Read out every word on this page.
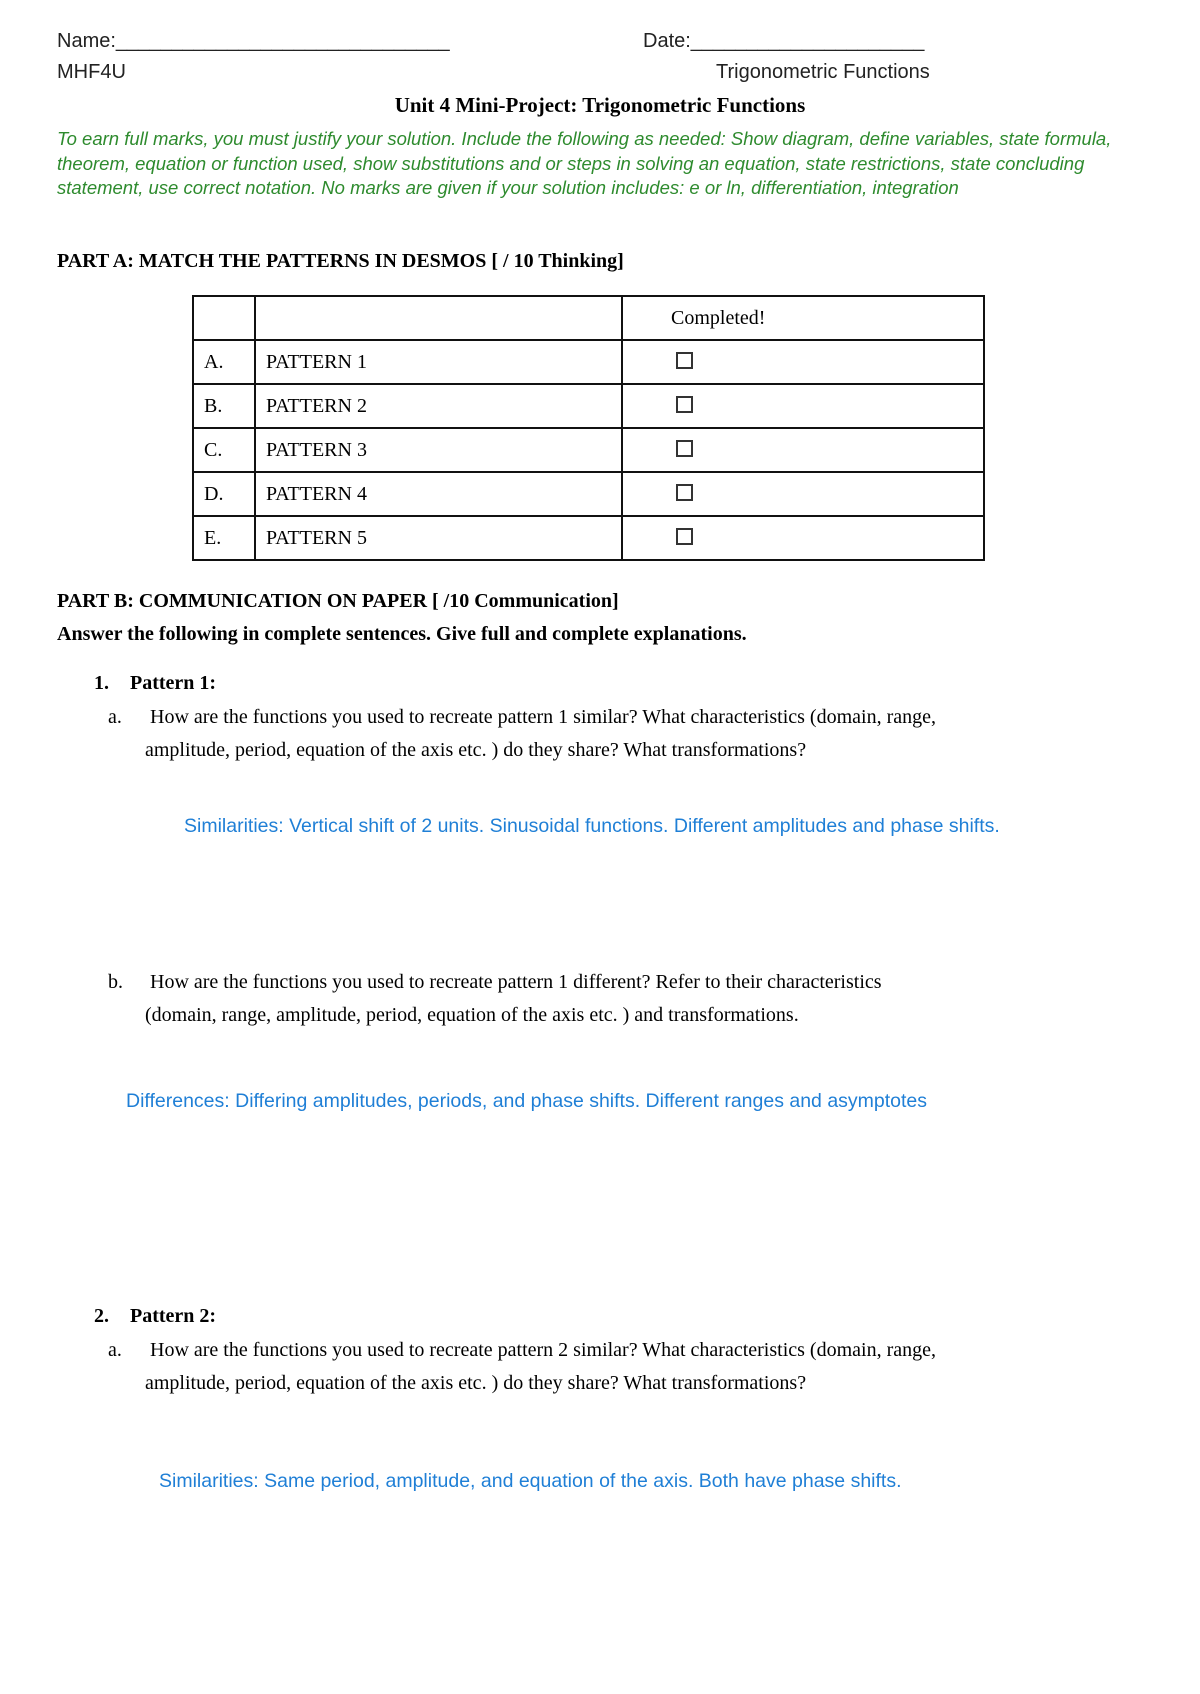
Name:______________________________	Date:_____________________
MHF4U	Trigonometric Functions
Unit 4 Mini-Project: Trigonometric Functions
To earn full marks, you must justify your solution. Include the following as needed: Show diagram, define variables, state formula, theorem, equation or function used, show substitutions and or steps in solving an equation, state restrictions, state concluding statement, use correct notation. No marks are given if your solution includes: e or ln, differentiation, integration
PART A: MATCH THE PATTERNS IN DESMOS [ / 10 Thinking]
		Completed!
A.	PATTERN 1	
B.	PATTERN 2	
C.	PATTERN 3	
D.	PATTERN 4	
E.	PATTERN 5	
PART B: COMMUNICATION ON PAPER [ /10 Communication]
Answer the following in complete sentences. Give full and complete explanations.
1. Pattern 1:
a. How are the functions you used to recreate pattern 1 similar? What characteristics (domain, range,
amplitude, period, equation of the axis etc. ) do they share? What transformations?
Similarities: Vertical shift of 2 units. Sinusoidal functions. Different amplitudes and phase shifts.
b. How are the functions you used to recreate pattern 1 different? Refer to their characteristics
(domain, range, amplitude, period, equation of the axis etc. ) and transformations.
Differences: Differing amplitudes, periods, and phase shifts. Different ranges and asymptotes
2. Pattern 2:
a. How are the functions you used to recreate pattern 2 similar? What characteristics (domain, range,
amplitude, period, equation of the axis etc. ) do they share? What transformations?
Similarities: Same period, amplitude, and equation of the axis. Both have phase shifts.
